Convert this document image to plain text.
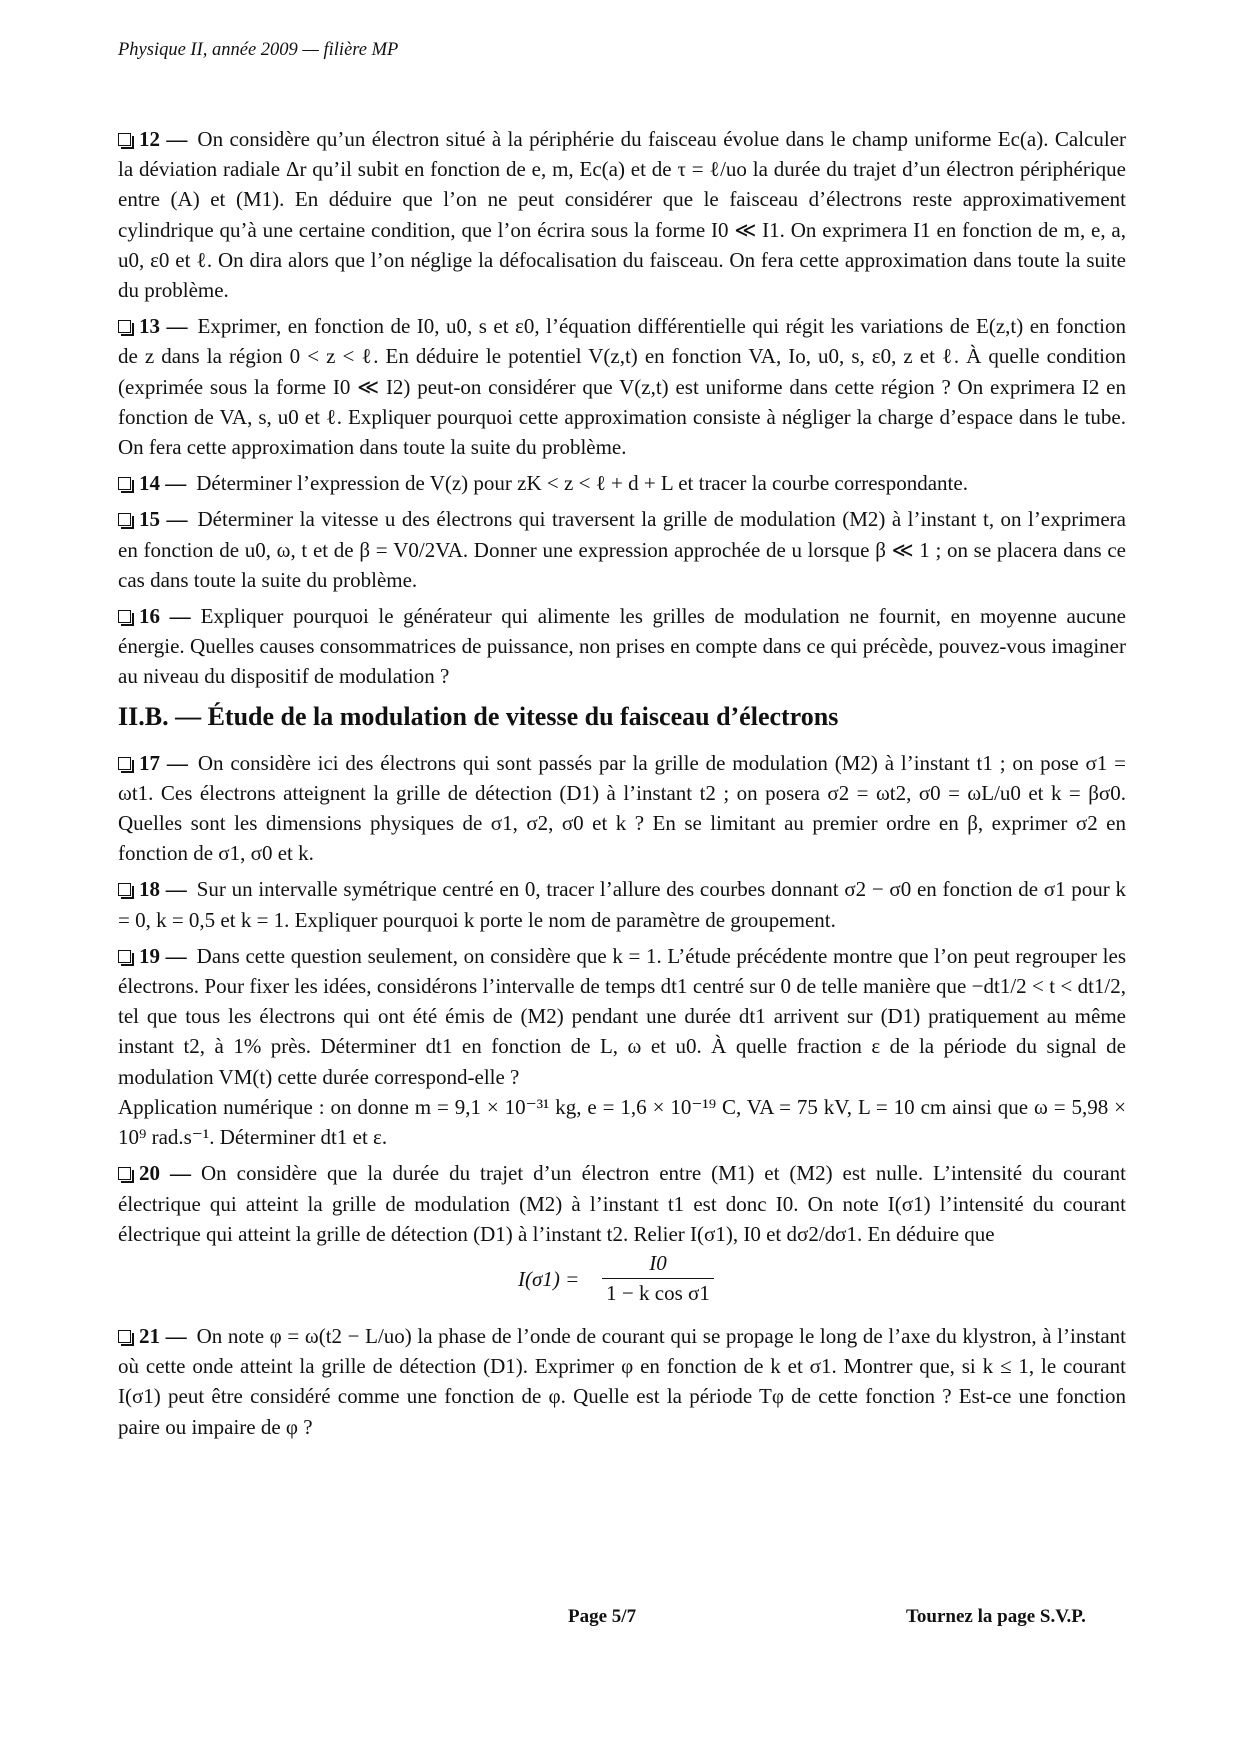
Physique II, année 2009 — filière MP

12 — On considère qu’un électron situé à la périphérie du faisceau évolue dans le champ uniforme Ec(a). Calculer la déviation radiale Δr qu’il subit en fonction de e, m, Ec(a) et de τ = ℓ/uo la durée du trajet d’un électron périphérique entre (A) et (M1). En déduire que l’on ne peut considérer que le faisceau d’électrons reste approximativement cylindrique qu’à une certaine condition, que l’on écrira sous la forme I0 ≪ I1. On exprimera I1 en fonction de m, e, a, u0, ε0 et ℓ. On dira alors que l’on néglige la défocalisation du faisceau. On fera cette approximation dans toute la suite du problème.

13 — Exprimer, en fonction de I0, u0, s et ε0, l’équation différentielle qui régit les variations de E(z,t) en fonction de z dans la région 0 < z < ℓ. En déduire le potentiel V(z,t) en fonction VA, Io, u0, s, ε0, z et ℓ. À quelle condition (exprimée sous la forme I0 ≪ I2) peut-on considérer que V(z,t) est uniforme dans cette région ? On exprimera I2 en fonction de VA, s, u0 et ℓ. Expliquer pourquoi cette approximation consiste à négliger la charge d’espace dans le tube. On fera cette approximation dans toute la suite du problème.

14 — Déterminer l’expression de V(z) pour zK < z < ℓ + d + L et tracer la courbe correspondante.

15 — Déterminer la vitesse u des électrons qui traversent la grille de modulation (M2) à l’instant t, on l’exprimera en fonction de u0, ω, t et de β = V0/2VA. Donner une expression approchée de u lorsque β ≪ 1 ; on se placera dans ce cas dans toute la suite du problème.

16 — Expliquer pourquoi le générateur qui alimente les grilles de modulation ne fournit, en moyenne aucune énergie. Quelles causes consommatrices de puissance, non prises en compte dans ce qui précède, pouvez-vous imaginer au niveau du dispositif de modulation ?

II.B. — Étude de la modulation de vitesse du faisceau d’électrons

17 — On considère ici des électrons qui sont passés par la grille de modulation (M2) à l’instant t1 ; on pose σ1 = ωt1. Ces électrons atteignent la grille de détection (D1) à l’instant t2 ; on posera σ2 = ωt2, σ0 = ωL/u0 et k = βσ0. Quelles sont les dimensions physiques de σ1, σ2, σ0 et k ? En se limitant au premier ordre en β, exprimer σ2 en fonction de σ1, σ0 et k.

18 — Sur un intervalle symétrique centré en 0, tracer l’allure des courbes donnant σ2 − σ0 en fonction de σ1 pour k = 0, k = 0,5 et k = 1. Expliquer pourquoi k porte le nom de paramètre de groupement.

19 — Dans cette question seulement, on considère que k = 1. L’étude précédente montre que l’on peut regrouper les électrons. Pour fixer les idées, considérons l’intervalle de temps dt1 centré sur 0 de telle manière que −dt1/2 < t < dt1/2, tel que tous les électrons qui ont été émis de (M2) pendant une durée dt1 arrivent sur (D1) pratiquement au même instant t2, à 1% près. Déterminer dt1 en fonction de L, ω et u0. À quelle fraction ε de la période du signal de modulation VM(t) cette durée correspond-elle ?

Application numérique : on donne m = 9,1 × 10⁻³¹ kg, e = 1,6 × 10⁻¹⁹ C, VA = 75 kV, L = 10 cm ainsi que ω = 5,98 × 10⁹ rad.s⁻¹. Déterminer dt1 et ε.

20 — On considère que la durée du trajet d’un électron entre (M1) et (M2) est nulle. L’intensité du courant électrique qui atteint la grille de modulation (M2) à l’instant t1 est donc I0. On note I(σ1) l’intensité du courant électrique qui atteint la grille de détection (D1) à l’instant t2. Relier I(σ1), I0 et dσ2/dσ1. En déduire que

$I(\sigma 1) = \frac{I0}{\text{1 − k cos σ1}}$

21 — On note φ = ω(t2 − L/uo) la phase de l’onde de courant qui se propage le long de l’axe du klystron, à l’instant où cette onde atteint la grille de détection (D1). Exprimer φ en fonction de k et σ1. Montrer que, si k ≤ 1, le courant I(σ1) peut être considéré comme une fonction de φ. Quelle est la période Tφ de cette fonction ? Est-ce une fonction paire ou impaire de φ ?

Page 5/7	Tournez la page S.V.P.
